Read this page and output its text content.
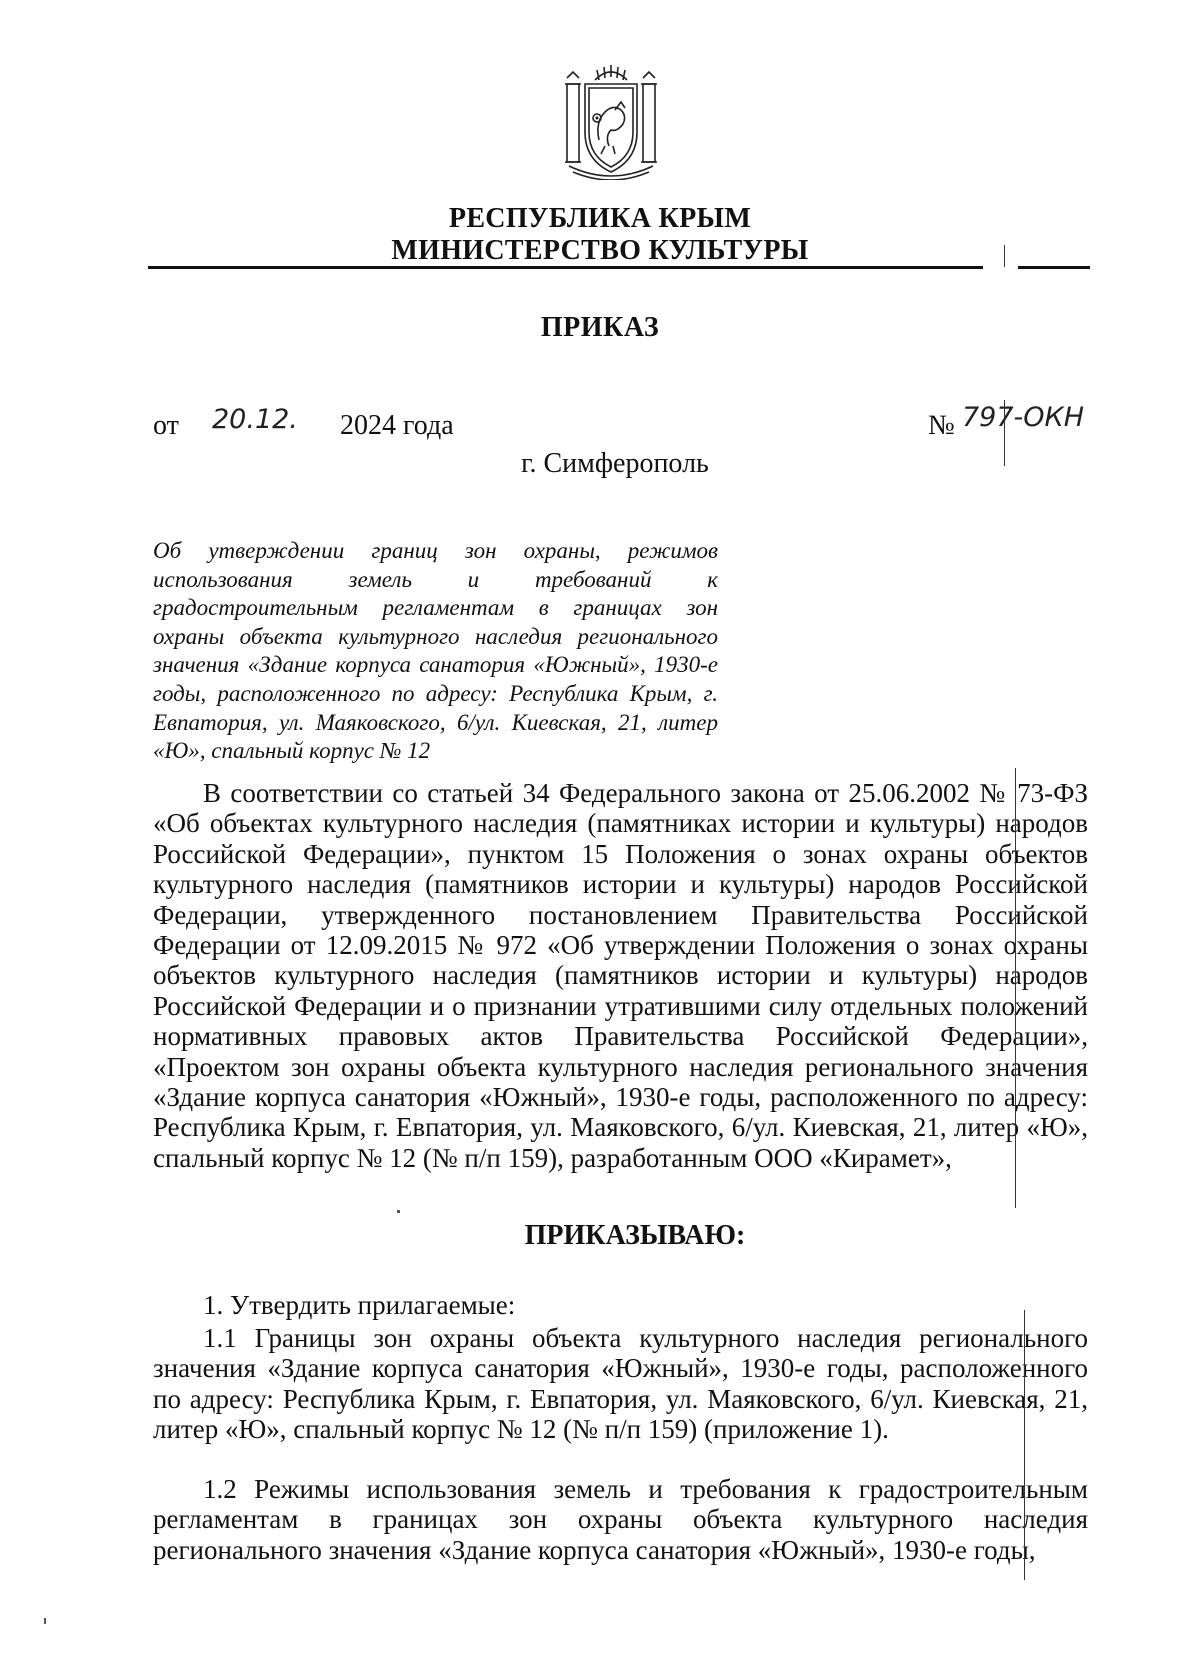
РЕСПУБЛИКА КРЫМ
МИНИСТЕРСТВО КУЛЬТУРЫ
ПРИКАЗ
от 20.12. 2024 года	№ 797-ОКН
г. Симферополь
Об утверждении границ зон охраны, режимов использования земель и требований к градостроительным регламентам в границах зон охраны объекта культурного наследия регионального значения «Здание корпуса санатория «Южный», 1930-е годы, расположенного по адресу: Республика Крым, г. Евпатория, ул. Маяковского, 6/ул. Киевская, 21, литер «Ю», спальный корпус № 12
В соответствии со статьей 34 Федерального закона от 25.06.2002 № 73-ФЗ «Об объектах культурного наследия (памятниках истории и культуры) народов Российской Федерации», пунктом 15 Положения о зонах охраны объектов культурного наследия (памятников истории и культуры) народов Российской Федерации, утвержденного постановлением Правительства Российской Федерации от 12.09.2015 № 972 «Об утверждении Положения о зонах охраны объектов культурного наследия (памятников истории и культуры) народов Российской Федерации и о признании утратившими силу отдельных положений нормативных правовых актов Правительства Российской Федерации», «Проектом зон охраны объекта культурного наследия регионального значения «Здание корпуса санатория «Южный», 1930-е годы, расположенного по адресу: Республика Крым, г. Евпатория, ул. Маяковского, 6/ул. Киевская, 21, литер «Ю», спальный корпус № 12 (№ п/п 159), разработанным ООО «Кирамет»,
ПРИКАЗЫВАЮ:
1. Утвердить прилагаемые:
1.1 Границы зон охраны объекта культурного наследия регионального значения «Здание корпуса санатория «Южный», 1930-е годы, расположенного по адресу: Республика Крым, г. Евпатория, ул. Маяковского, 6/ул. Киевская, 21, литер «Ю», спальный корпус № 12 (№ п/п 159) (приложение 1).
1.2 Режимы использования земель и требования к градостроительным регламентам в границах зон охраны объекта культурного наследия регионального значения «Здание корпуса санатория «Южный», 1930-е годы,
